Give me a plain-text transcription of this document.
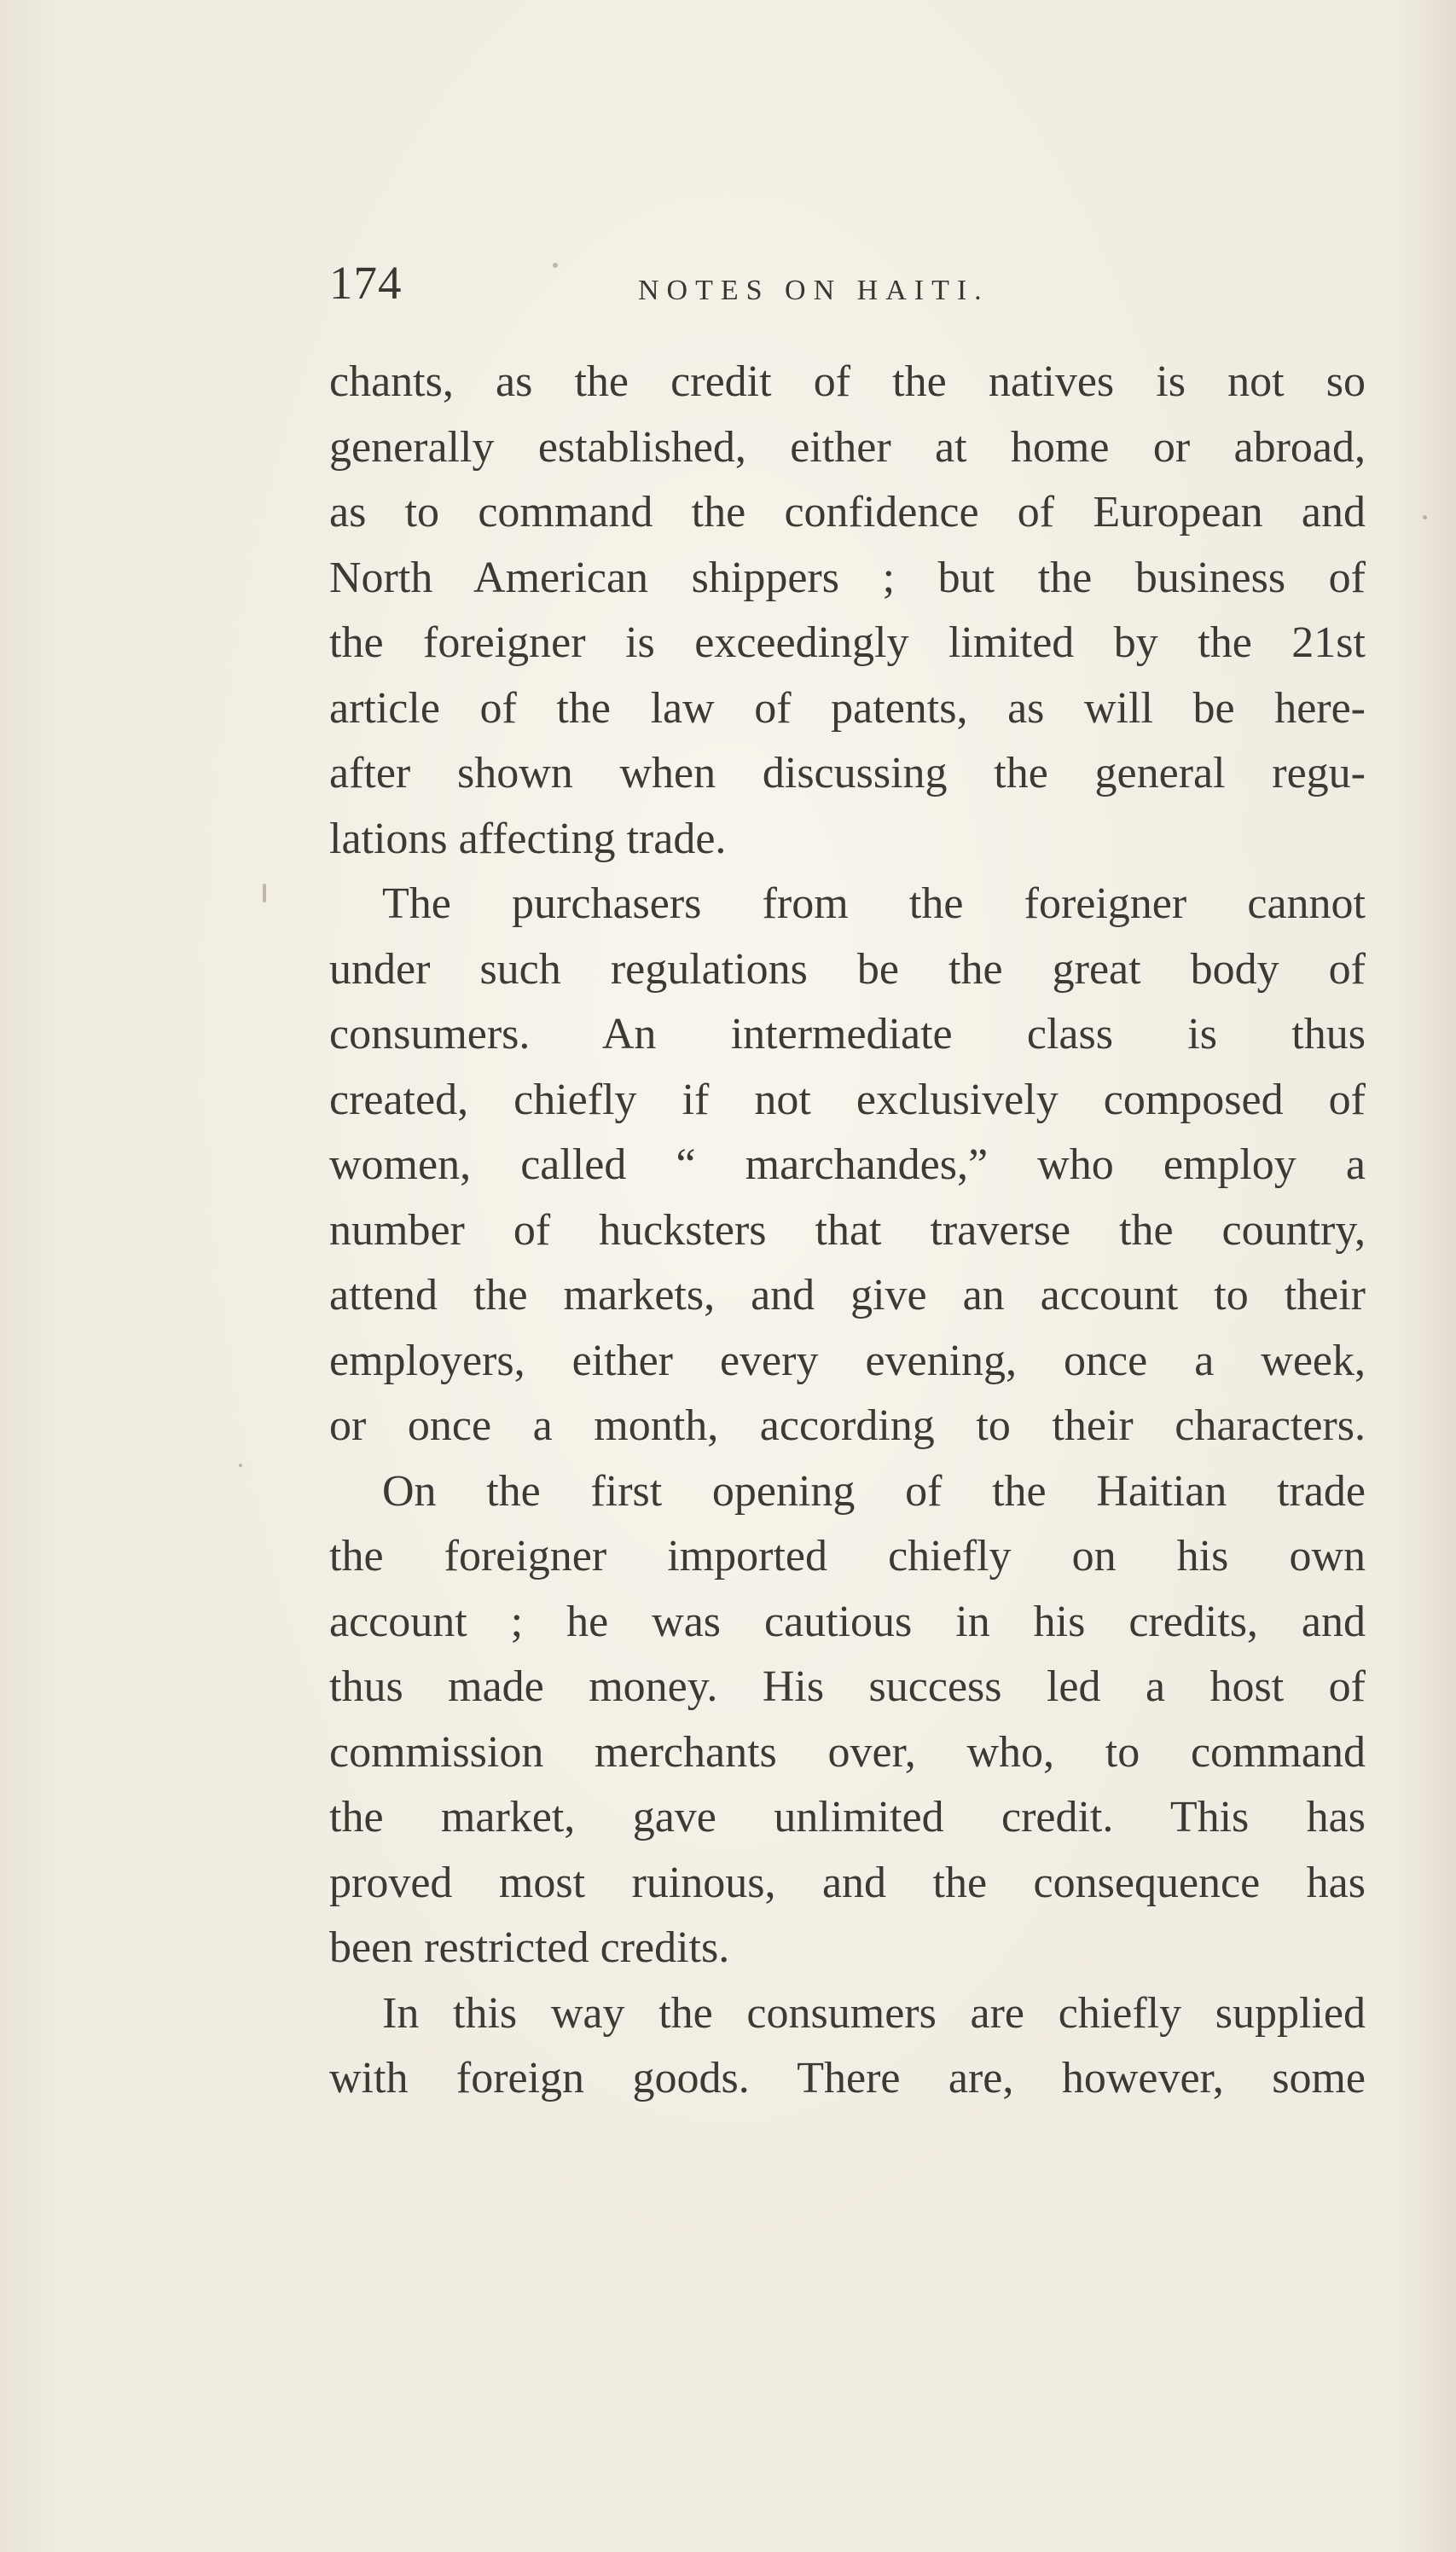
174	NOTES ON HAITI.
chants, as the credit of the natives is not so
generally established, either at home or abroad,
as to command the confidence of European and
North American shippers ; but the business of
the foreigner is exceedingly limited by the 21st
article of the law of patents, as will be here-
after shown when discussing the general regu-
lations affecting trade.
The purchasers from the foreigner cannot
under such regulations be the great body of
consumers. An intermediate class is thus
created, chiefly if not exclusively composed of
women, called “ marchandes,” who employ a
number of hucksters that traverse the country,
attend the markets, and give an account to their
employers, either every evening, once a week,
or once a month, according to their characters.
On the first opening of the Haitian trade
the foreigner imported chiefly on his own
account ; he was cautious in his credits, and
thus made money. His success led a host of
commission merchants over, who, to command
the market, gave unlimited credit. This has
proved most ruinous, and the consequence has
been restricted credits.
In this way the consumers are chiefly supplied
with foreign goods. There are, however, some
